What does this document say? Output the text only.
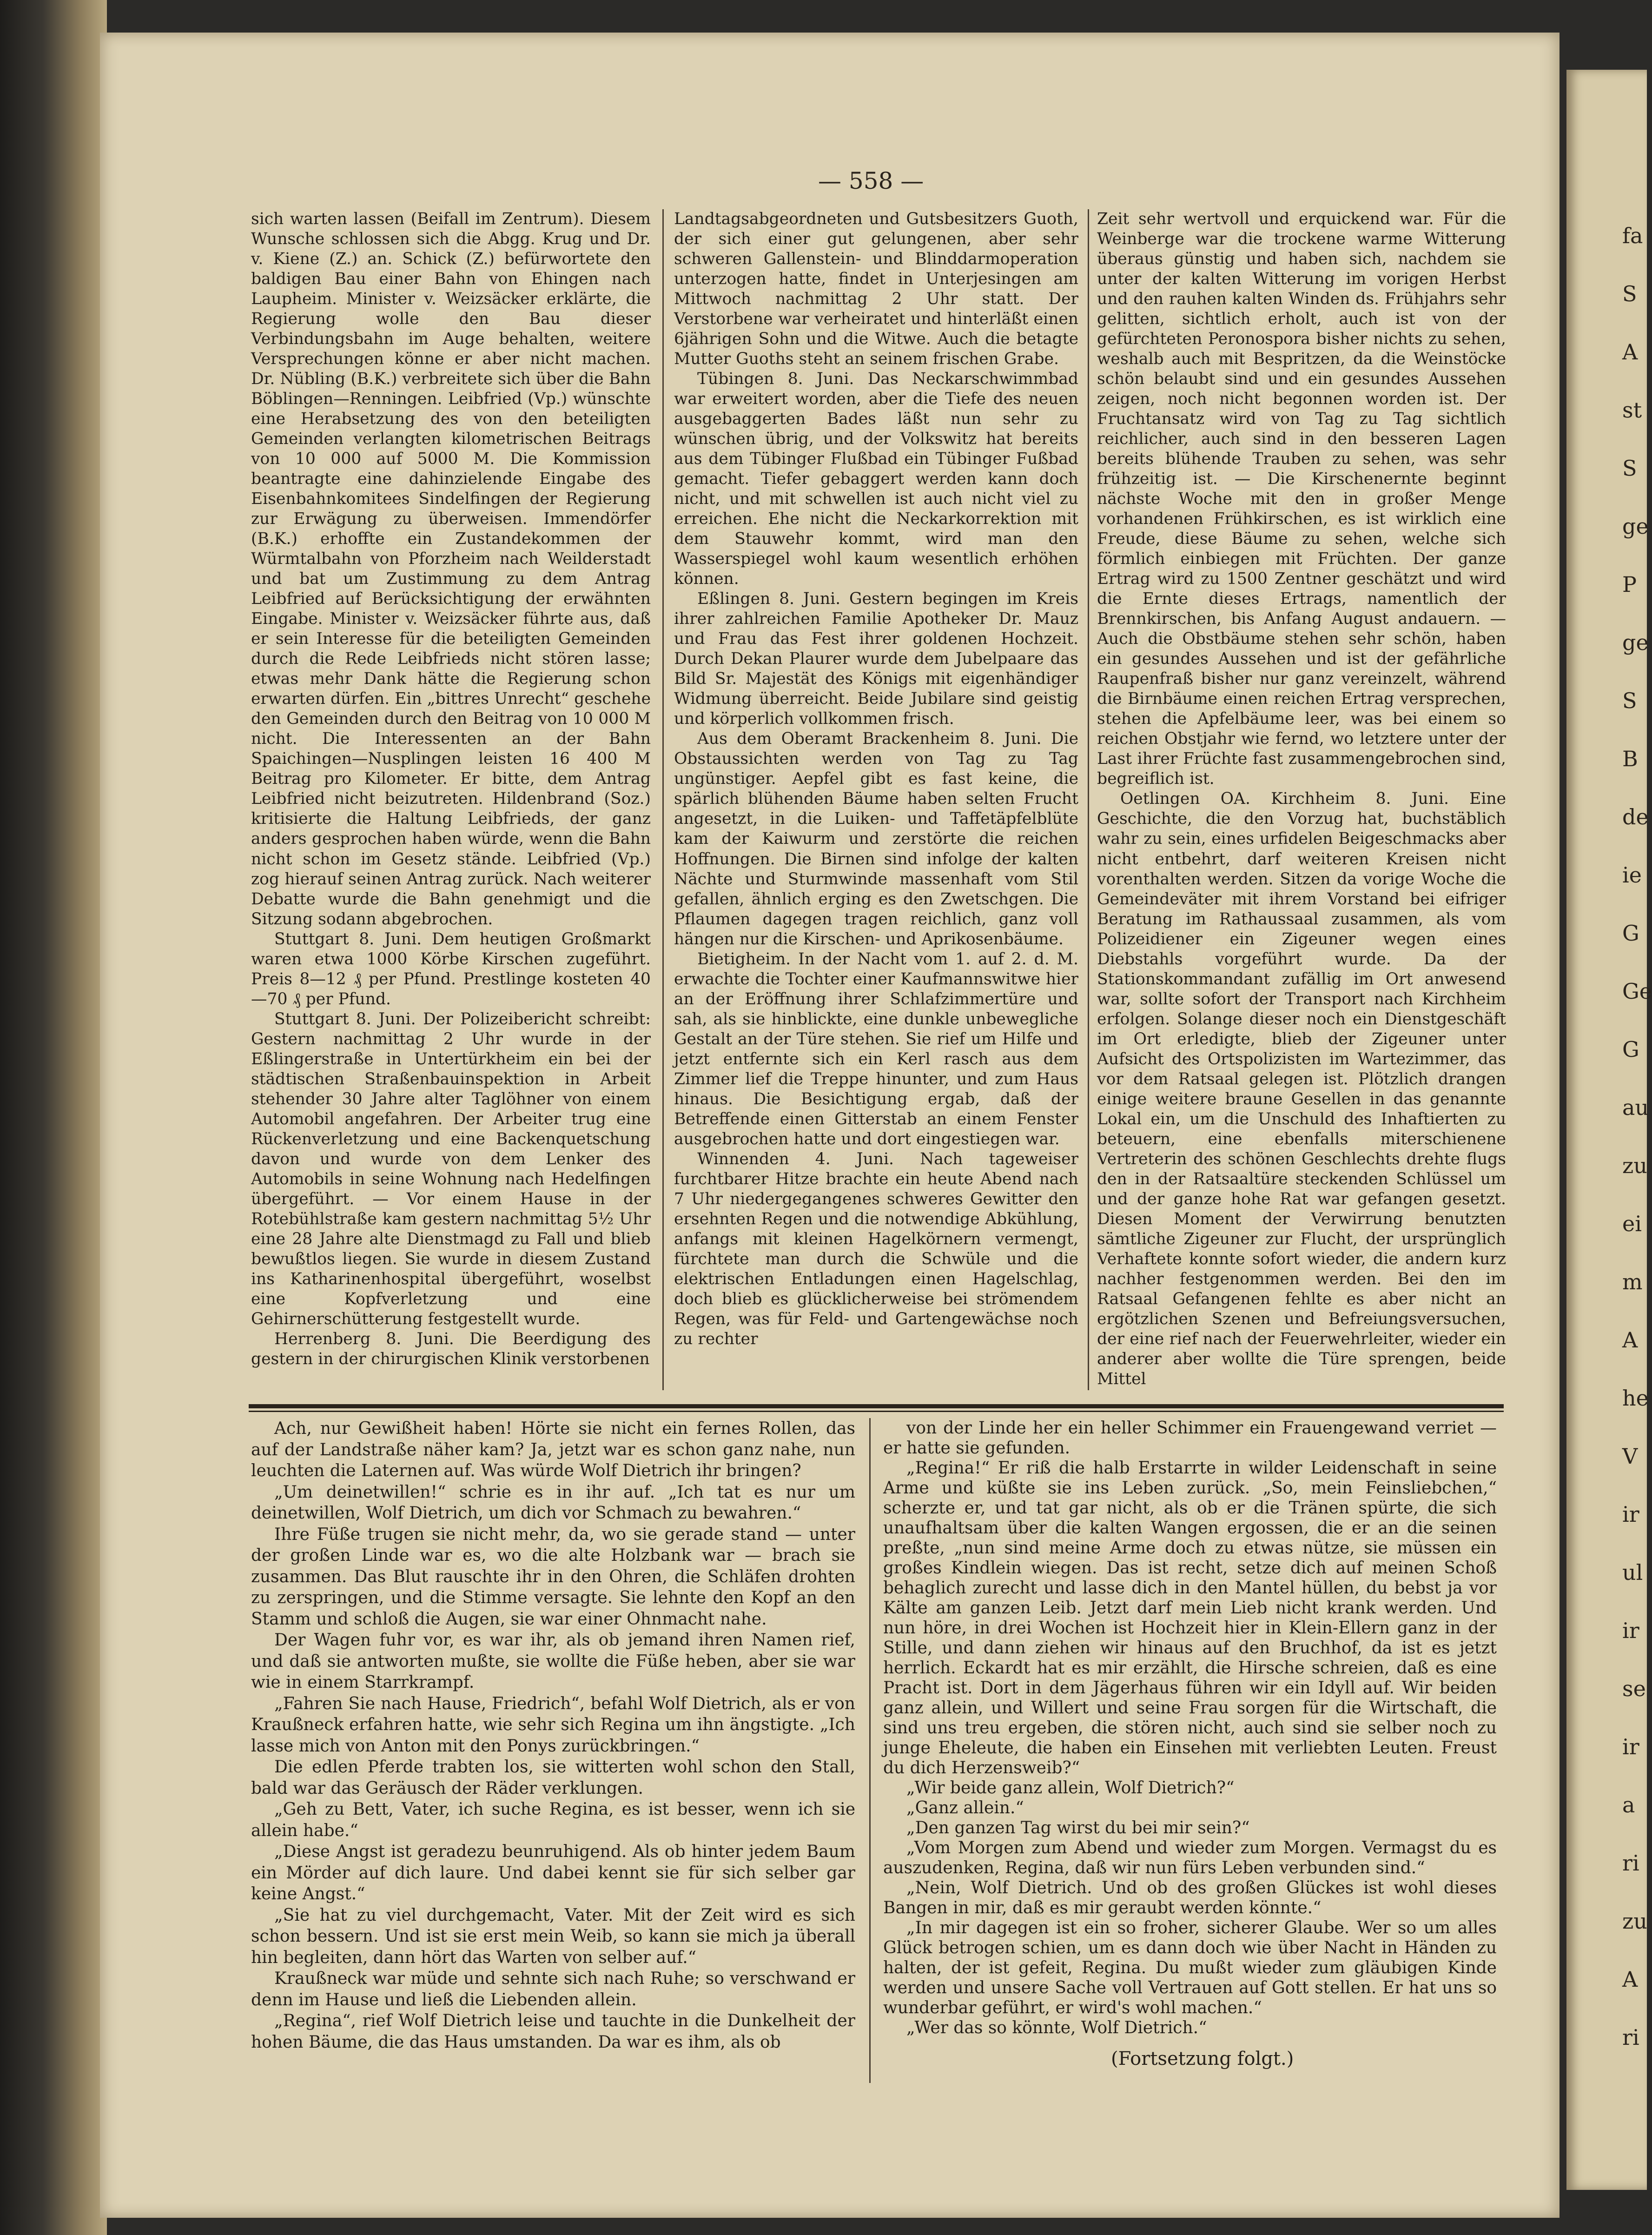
fa
S
A
st
S
ge
P
ge
S
B
de
ie
G
Ge
G
au
zu
ei
m
A
he
V
ir
ul
ir
se
ir
a
ri
zu
A
ri
— 558 —

sich warten lassen (Beifall im Zentrum). Diesem Wunsche schlossen sich die Abgg. Krug und Dr. v. Kiene (Z.) an. Schick (Z.) befürwortete den baldigen Bau einer Bahn von Ehingen nach Laupheim. Minister v. Weizsäcker erklärte, die Regierung wolle den Bau dieser Verbindungsbahn im Auge behalten, weitere Versprechungen könne er aber nicht machen. Dr. Nübling (B.K.) verbreitete sich über die Bahn Böblingen—Renningen. Leibfried (Vp.) wünschte eine Herabsetzung des von den beteiligten Gemeinden verlangten kilometrischen Beitrags von 10 000 auf 5000 M. Die Kommission beantragte eine dahinzielende Eingabe des Eisenbahnkomitees Sindelfingen der Regierung zur Erwägung zu überweisen. Immendörfer (B.K.) erhoffte ein Zustandekommen der Würmtalbahn von Pforzheim nach Weilderstadt und bat um Zustimmung zu dem Antrag Leibfried auf Berücksichtigung der erwähnten Eingabe. Minister v. Weizsäcker führte aus, daß er sein Interesse für die beteiligten Gemeinden durch die Rede Leibfrieds nicht stören lasse; etwas mehr Dank hätte die Regierung schon erwarten dürfen. Ein „bittres Unrecht“ geschehe den Gemeinden durch den Beitrag von 10 000 M nicht. Die Interessenten an der Bahn Spaichingen—Nusplingen leisten 16 400 M Beitrag pro Kilometer. Er bitte, dem Antrag Leibfried nicht beizutreten. Hildenbrand (Soz.) kritisierte die Haltung Leibfrieds, der ganz anders gesprochen haben würde, wenn die Bahn nicht schon im Gesetz stände. Leibfried (Vp.) zog hierauf seinen Antrag zurück. Nach weiterer Debatte wurde die Bahn genehmigt und die Sitzung sodann abgebrochen.

Stuttgart 8. Juni. Dem heutigen Großmarkt waren etwa 1000 Körbe Kirschen zugeführt. Preis 8—12 ₰ per Pfund. Prestlinge kosteten 40—70 ₰ per Pfund.

Stuttgart 8. Juni. Der Polizeibericht schreibt: Gestern nachmittag 2 Uhr wurde in der Eßlingerstraße in Untertürkheim ein bei der städtischen Straßenbauinspektion in Arbeit stehender 30 Jahre alter Taglöhner von einem Automobil angefahren. Der Arbeiter trug eine Rückenverletzung und eine Backenquetschung davon und wurde von dem Lenker des Automobils in seine Wohnung nach Hedelfingen übergeführt. — Vor einem Hause in der Rotebühlstraße kam gestern nachmittag 5½ Uhr eine 28 Jahre alte Dienstmagd zu Fall und blieb bewußtlos liegen. Sie wurde in diesem Zustand ins Katharinenhospital übergeführt, woselbst eine Kopfverletzung und eine Gehirnerschütterung festgestellt wurde.

Herrenberg 8. Juni. Die Beerdigung des gestern in der chirurgischen Klinik verstorbenen

Landtagsabgeordneten und Gutsbesitzers Guoth, der sich einer gut gelungenen, aber sehr schweren Gallenstein- und Blinddarmoperation unterzogen hatte, findet in Unterjesingen am Mittwoch nachmittag 2 Uhr statt. Der Verstorbene war verheiratet und hinterläßt einen 6jährigen Sohn und die Witwe. Auch die betagte Mutter Guoths steht an seinem frischen Grabe.

Tübingen 8. Juni. Das Neckarschwimmbad war erweitert worden, aber die Tiefe des neuen ausgebaggerten Bades läßt nun sehr zu wünschen übrig, und der Volkswitz hat bereits aus dem Tübinger Flußbad ein Tübinger Fußbad gemacht. Tiefer gebaggert werden kann doch nicht, und mit schwellen ist auch nicht viel zu erreichen. Ehe nicht die Neckarkorrektion mit dem Stauwehr kommt, wird man den Wasserspiegel wohl kaum wesentlich erhöhen können.

Eßlingen 8. Juni. Gestern begingen im Kreis ihrer zahlreichen Familie Apotheker Dr. Mauz und Frau das Fest ihrer goldenen Hochzeit. Durch Dekan Plaurer wurde dem Jubelpaare das Bild Sr. Majestät des Königs mit eigenhändiger Widmung überreicht. Beide Jubilare sind geistig und körperlich vollkommen frisch.

Aus dem Oberamt Brackenheim 8. Juni. Die Obstaussichten werden von Tag zu Tag ungünstiger. Aepfel gibt es fast keine, die spärlich blühenden Bäume haben selten Frucht angesetzt, in die Luiken- und Taffetäpfelblüte kam der Kaiwurm und zerstörte die reichen Hoffnungen. Die Birnen sind infolge der kalten Nächte und Sturmwinde massenhaft vom Stil gefallen, ähnlich erging es den Zwetschgen. Die Pflaumen dagegen tragen reichlich, ganz voll hängen nur die Kirschen- und Aprikosenbäume.

Bietigheim. In der Nacht vom 1. auf 2. d. M. erwachte die Tochter einer Kaufmannswitwe hier an der Eröffnung ihrer Schlafzimmertüre und sah, als sie hinblickte, eine dunkle unbewegliche Gestalt an der Türe stehen. Sie rief um Hilfe und jetzt entfernte sich ein Kerl rasch aus dem Zimmer lief die Treppe hinunter, und zum Haus hinaus. Die Besichtigung ergab, daß der Betreffende einen Gitterstab an einem Fenster ausgebrochen hatte und dort eingestiegen war.

Winnenden 4. Juni. Nach tageweiser furchtbarer Hitze brachte ein heute Abend nach 7 Uhr niedergegangenes schweres Gewitter den ersehnten Regen und die notwendige Abkühlung, anfangs mit kleinen Hagelkörnern vermengt, fürchtete man durch die Schwüle und die elektrischen Entladungen einen Hagelschlag, doch blieb es glücklicherweise bei strömendem Regen, was für Feld- und Gartengewächse noch zu rechter

Zeit sehr wertvoll und erquickend war. Für die Weinberge war die trockene warme Witterung überaus günstig und haben sich, nachdem sie unter der kalten Witterung im vorigen Herbst und den rauhen kalten Winden ds. Frühjahrs sehr gelitten, sichtlich erholt, auch ist von der gefürchteten Peronospora bisher nichts zu sehen, weshalb auch mit Bespritzen, da die Weinstöcke schön belaubt sind und ein gesundes Aussehen zeigen, noch nicht begonnen worden ist. Der Fruchtansatz wird von Tag zu Tag sichtlich reichlicher, auch sind in den besseren Lagen bereits blühende Trauben zu sehen, was sehr frühzeitig ist. — Die Kirschenernte beginnt nächste Woche mit den in großer Menge vorhandenen Frühkirschen, es ist wirklich eine Freude, diese Bäume zu sehen, welche sich förmlich einbiegen mit Früchten. Der ganze Ertrag wird zu 1500 Zentner geschätzt und wird die Ernte dieses Ertrags, namentlich der Brennkirschen, bis Anfang August andauern. — Auch die Obstbäume stehen sehr schön, haben ein gesundes Aussehen und ist der gefährliche Raupenfraß bisher nur ganz vereinzelt, während die Birnbäume einen reichen Ertrag versprechen, stehen die Apfelbäume leer, was bei einem so reichen Obstjahr wie fernd, wo letztere unter der Last ihrer Früchte fast zusammengebrochen sind, begreiflich ist.

Oetlingen OA. Kirchheim 8. Juni. Eine Geschichte, die den Vorzug hat, buchstäblich wahr zu sein, eines urfidelen Beigeschmacks aber nicht entbehrt, darf weiteren Kreisen nicht vorenthalten werden. Sitzen da vorige Woche die Gemeindeväter mit ihrem Vorstand bei eifriger Beratung im Rathaussaal zusammen, als vom Polizeidiener ein Zigeuner wegen eines Diebstahls vorgeführt wurde. Da der Stationskommandant zufällig im Ort anwesend war, sollte sofort der Transport nach Kirchheim erfolgen. Solange dieser noch ein Dienstgeschäft im Ort erledigte, blieb der Zigeuner unter Aufsicht des Ortspolizisten im Wartezimmer, das vor dem Ratsaal gelegen ist. Plötzlich drangen einige weitere braune Gesellen in das genannte Lokal ein, um die Unschuld des Inhaftierten zu beteuern, eine ebenfalls miterschienene Vertreterin des schönen Geschlechts drehte flugs den in der Ratsaaltüre steckenden Schlüssel um und der ganze hohe Rat war gefangen gesetzt. Diesen Moment der Verwirrung benutzten sämtliche Zigeuner zur Flucht, der ursprünglich Verhaftete konnte sofort wieder, die andern kurz nachher festgenommen werden. Bei den im Ratsaal Gefangenen fehlte es aber nicht an ergötzlichen Szenen und Befreiungsversuchen, der eine rief nach der Feuerwehrleiter, wieder ein anderer aber wollte die Türe sprengen, beide Mittel

Ach, nur Gewißheit haben! Hörte sie nicht ein fernes Rollen, das auf der Landstraße näher kam? Ja, jetzt war es schon ganz nahe, nun leuchten die Laternen auf. Was würde Wolf Dietrich ihr bringen?

„Um deinetwillen!“ schrie es in ihr auf. „Ich tat es nur um deinetwillen, Wolf Dietrich, um dich vor Schmach zu bewahren.“

Ihre Füße trugen sie nicht mehr, da, wo sie gerade stand — unter der großen Linde war es, wo die alte Holzbank war — brach sie zusammen. Das Blut rauschte ihr in den Ohren, die Schläfen drohten zu zerspringen, und die Stimme versagte. Sie lehnte den Kopf an den Stamm und schloß die Augen, sie war einer Ohnmacht nahe.

Der Wagen fuhr vor, es war ihr, als ob jemand ihren Namen rief, und daß sie antworten mußte, sie wollte die Füße heben, aber sie war wie in einem Starrkrampf.

„Fahren Sie nach Hause, Friedrich“, befahl Wolf Dietrich, als er von Kraußneck erfahren hatte, wie sehr sich Regina um ihn ängstigte. „Ich lasse mich von Anton mit den Ponys zurückbringen.“

Die edlen Pferde trabten los, sie witterten wohl schon den Stall, bald war das Geräusch der Räder verklungen.

„Geh zu Bett, Vater, ich suche Regina, es ist besser, wenn ich sie allein habe.“

„Diese Angst ist geradezu beunruhigend. Als ob hinter jedem Baum ein Mörder auf dich laure. Und dabei kennt sie für sich selber gar keine Angst.“

„Sie hat zu viel durchgemacht, Vater. Mit der Zeit wird es sich schon bessern. Und ist sie erst mein Weib, so kann sie mich ja überall hin begleiten, dann hört das Warten von selber auf.“

Kraußneck war müde und sehnte sich nach Ruhe; so verschwand er denn im Hause und ließ die Liebenden allein.

„Regina“, rief Wolf Dietrich leise und tauchte in die Dunkelheit der hohen Bäume, die das Haus umstanden. Da war es ihm, als ob

von der Linde her ein heller Schimmer ein Frauengewand verriet — er hatte sie gefunden.

„Regina!“ Er riß die halb Erstarrte in wilder Leidenschaft in seine Arme und küßte sie ins Leben zurück. „So, mein Feinsliebchen,“ scherzte er, und tat gar nicht, als ob er die Tränen spürte, die sich unaufhaltsam über die kalten Wangen ergossen, die er an die seinen preßte, „nun sind meine Arme doch zu etwas nütze, sie müssen ein großes Kindlein wiegen. Das ist recht, setze dich auf meinen Schoß behaglich zurecht und lasse dich in den Mantel hüllen, du bebst ja vor Kälte am ganzen Leib. Jetzt darf mein Lieb nicht krank werden. Und nun höre, in drei Wochen ist Hochzeit hier in Klein-Ellern ganz in der Stille, und dann ziehen wir hinaus auf den Bruchhof, da ist es jetzt herrlich. Eckardt hat es mir erzählt, die Hirsche schreien, daß es eine Pracht ist. Dort in dem Jägerhaus führen wir ein Idyll auf. Wir beiden ganz allein, und Willert und seine Frau sorgen für die Wirtschaft, die sind uns treu ergeben, die stören nicht, auch sind sie selber noch zu junge Eheleute, die haben ein Einsehen mit verliebten Leuten. Freust du dich Herzensweib?“

„Wir beide ganz allein, Wolf Dietrich?“

„Ganz allein.“

„Den ganzen Tag wirst du bei mir sein?“

„Vom Morgen zum Abend und wieder zum Morgen. Vermagst du es auszudenken, Regina, daß wir nun fürs Leben verbunden sind.“

„Nein, Wolf Dietrich. Und ob des großen Glückes ist wohl dieses Bangen in mir, daß es mir geraubt werden könnte.“

„In mir dagegen ist ein so froher, sicherer Glaube. Wer so um alles Glück betrogen schien, um es dann doch wie über Nacht in Händen zu halten, der ist gefeit, Regina. Du mußt wieder zum gläubigen Kinde werden und unsere Sache voll Vertrauen auf Gott stellen. Er hat uns so wunderbar geführt, er wird's wohl machen.“

„Wer das so könnte, Wolf Dietrich.“

(Fortsetzung folgt.)
